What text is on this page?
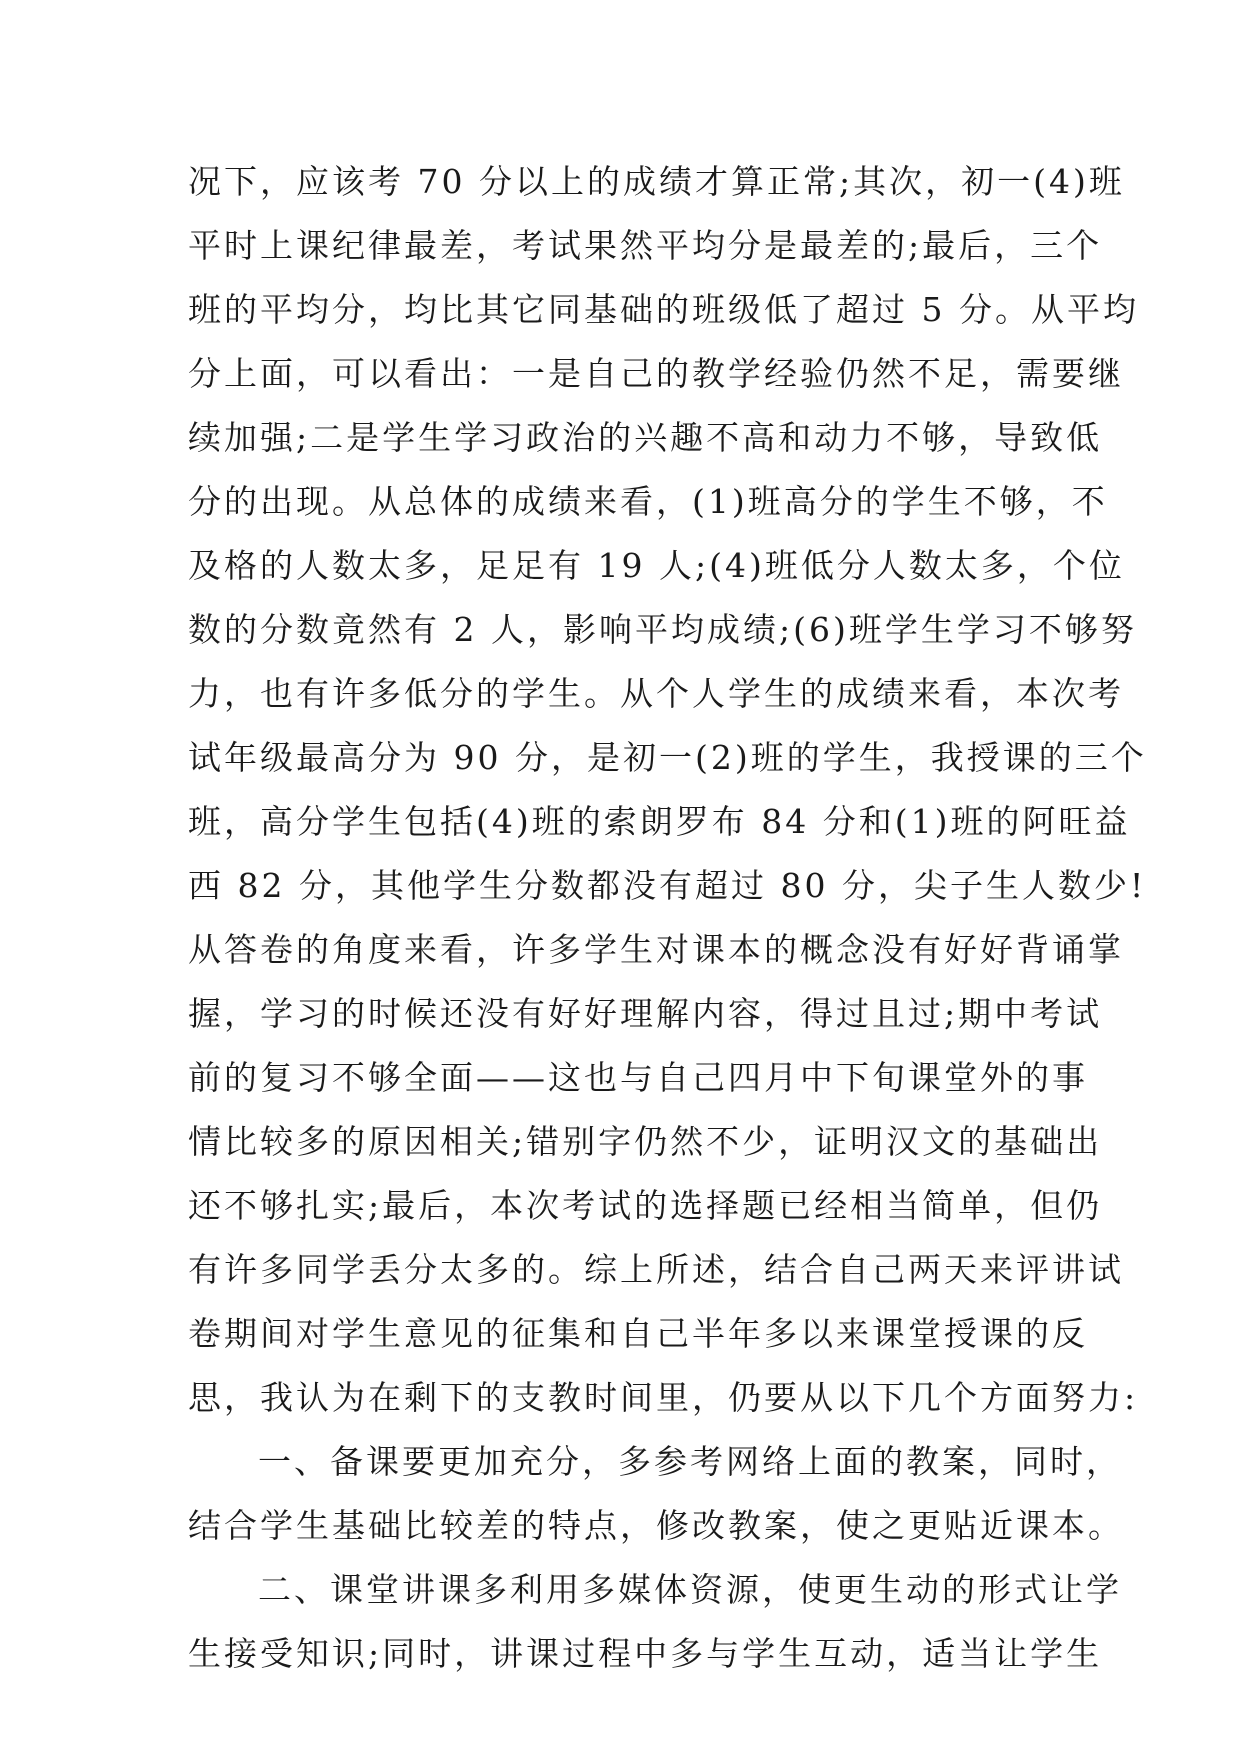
况下，应该考 70 分以上的成绩才算正常;其次，初一(4)班
平时上课纪律最差，考试果然平均分是最差的;最后，三个
班的平均分，均比其它同基础的班级低了超过 5 分。从平均
分上面，可以看出：一是自己的教学经验仍然不足，需要继
续加强;二是学生学习政治的兴趣不高和动力不够，导致低
分的出现。从总体的成绩来看，(1)班高分的学生不够，不
及格的人数太多，足足有 19 人;(4)班低分人数太多，个位
数的分数竟然有 2 人，影响平均成绩;(6)班学生学习不够努
力，也有许多低分的学生。从个人学生的成绩来看，本次考
试年级最高分为 90 分，是初一(2)班的学生，我授课的三个
班，高分学生包括(4)班的索朗罗布 84 分和(1)班的阿旺益
西 82 分，其他学生分数都没有超过 80 分，尖子生人数少!
从答卷的角度来看，许多学生对课本的概念没有好好背诵掌
握，学习的时候还没有好好理解内容，得过且过;期中考试
前的复习不够全面——这也与自己四月中下旬课堂外的事
情比较多的原因相关;错别字仍然不少，证明汉文的基础出
还不够扎实;最后，本次考试的选择题已经相当简单，但仍
有许多同学丢分太多的。综上所述，结合自己两天来评讲试
卷期间对学生意见的征集和自己半年多以来课堂授课的反
思，我认为在剩下的支教时间里，仍要从以下几个方面努力:
一、备课要更加充分，多参考网络上面的教案，同时，
结合学生基础比较差的特点，修改教案，使之更贴近课本。
二、课堂讲课多利用多媒体资源，使更生动的形式让学
生接受知识;同时，讲课过程中多与学生互动，适当让学生
